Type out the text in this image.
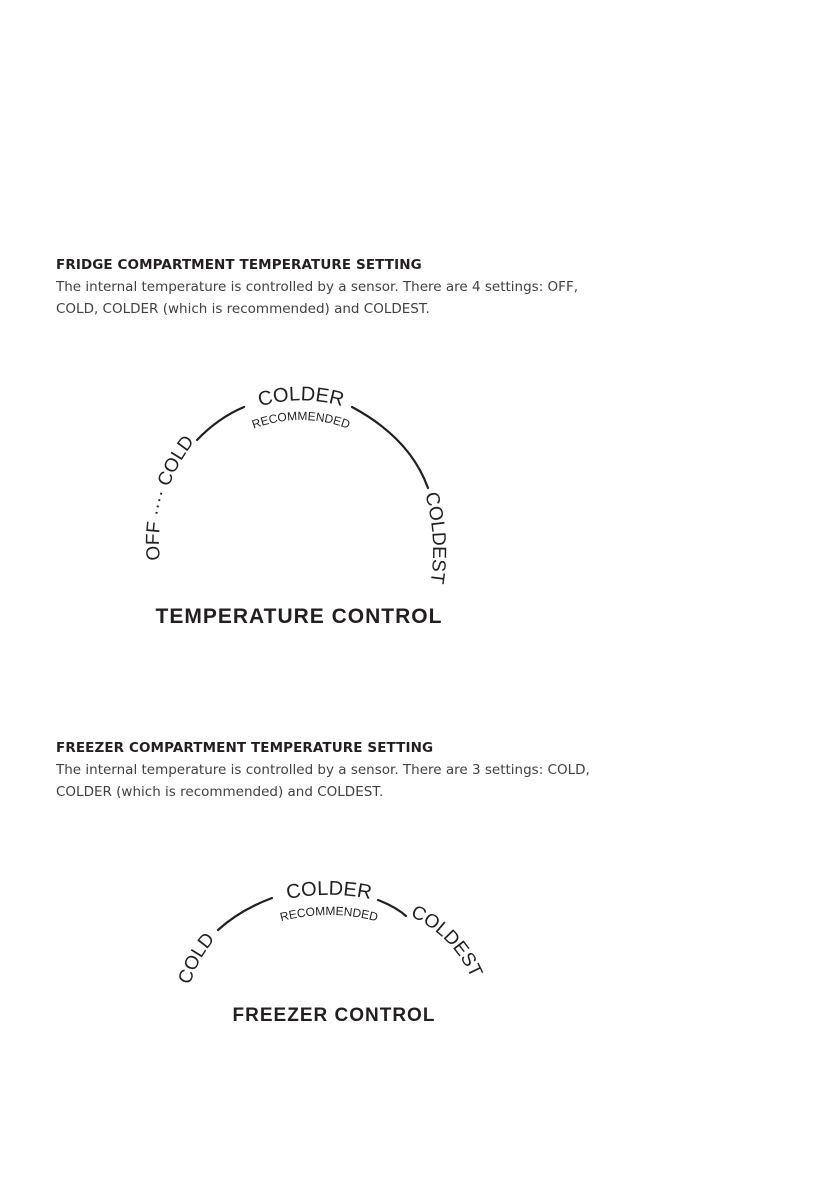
FRIDGE COMPARTMENT TEMPERATURE SETTING

The internal temperature is controlled by a sensor. There are 4 settings: OFF,
COLD, COLDER (which is recommended) and COLDEST.

OFF ···· COLD
COLDER
RECOMMENDED
COLDEST
TEMPERATURE CONTROL

FREEZER COMPARTMENT TEMPERATURE SETTING

The internal temperature is controlled by a sensor. There are 3 settings: COLD,
COLDER (which is recommended) and COLDEST.

COLD
COLDER
RECOMMENDED COLDEST
FREEZER CONTROL
